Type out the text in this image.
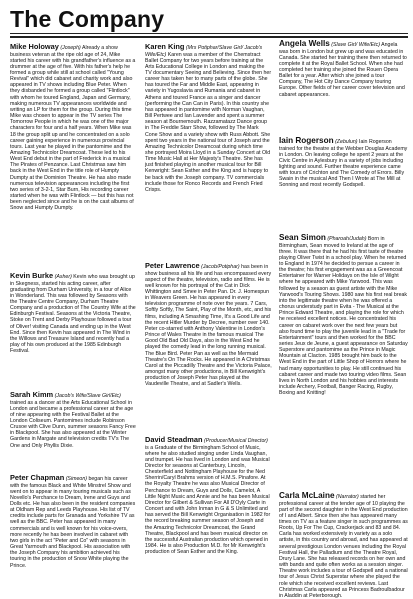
The Company

Mike Holoway (Joseph) Already a show business veteran at the ripe old age of 24, Mike started his career with his grandfather's influence as a drummer at the age of five. With his father's help he formed a group while still at school called "Young Revival" which did cabaret and charity work and also appeared in TV shows including Blue Peter. When they disbanded he formed a group called "Flintlock" with whom he toured England, Japan and Germany, making numerous TV appearances worldwide and writing an LP for them for the group. During this time Mike was chosen to appear in the TV series The Tomorrow People in which he was one of the major characters for four and a half years. When Mike was 18 the group split up and he concentrated on a solo career gaining experience in numerous provincial tours. Last year he played in the pantomime and the Amazing Technicolor Dreamcoat. These led to his West End debut in the part of Frederick in a musical The Pirates of Penzance. Last Christmas saw him back in the West End in the title role of Humpty Dumpty at the Dominion Theatre. He has also made numerous television appearances including the first two series of 3-2-1, Star Burn, His recording career started when he was with Flintlock — but this has not been neglected since and he is on the cast albums of Snow and Humpty Dumpty.

Karen King (Mrs Potiphar/Slave Girl/ Jacob's Wife/Etc) Karen was a member of the Chemstract Ballet Company for two years before training at the Arts Educational College in London and making the TV documentary Seeing and Believing. Since then her career has taken her to many parts of the globe. She has toured the Far and Middle East, appearing in variety in Yugoslavia and Rumania and cabaret in Athens and toured France as a singer and dancer (performing the Can Can in Paris). In this country she has appeared in pantomime with Norman Vaughan, Bill Pertwee and Ian Lavender and spent a summer season at Bournemouth. Razzamatazz Dance group in The Freddie Starr Show, followed by The Mark Cone Show and a variety show with Russ Abbott. She spent two years in the national tour of Joseph and the Amazing Technicolor Dreamcoat during which time she portrayed Moira Lloyd in a Sunday Concert at Old Time Music Hall at Her Majesty's Theatre. She has just finished playing in another musical tour for Bill Kenwright: Sean Esther and the King and is happy to be back with the Joseph company. TV commercials include those for Ronco Records and French Fried Crisps.

Angela Wells (Slave Girl/ Wife/Etc) Angela was born in London but grew up and was educated in Canada. She started her training there then returned to complete it at the Royal Ballet School. When she had completed her training she joined the Rouen Opera Ballet for a year. After which she joined a tour Company, The Hot City Dance Company touring Europe. Other fields of her career cover television and cabaret appearances.

Iain Rogerson (Zebulun) Iain Rogerson trained for the theatre at the Webber Douglas Academy in London. On leaving college he spent 2 years at the Civic Centre in Aylesbury in a variety of jobs including lighting and sound. Further theatre experience came with tours of Crichton and The Comedy of Errors. Billy Swain in the musical And Then I Wrote at The Mill at Sonning and most recently Godspell.

Kevin Burke (Asher) Kevin who was brought up in Skegness, started his acting career, after graduating from Durham University, in a tour of Alice in Wonderland. This was followed by Seasons with the Theatre Centre Company, Durham Theatre Company and a production of The Country Wife at the Edinburgh Festival. Seasons at the Victoria Theatre, Stoke on Trent and Derby Playhouse followed a tour of Oliver! visiting Canada and ending up in the West End. Since then Kevin has appeared in The Wind in the Willows and Treasure Island and recently had a play of his own produced at the 1985 Edinburgh Festival.

Sarah Kimm (Jacob's Wife/Slave Girl/Etc) trained as a dancer at the Arts Educational School in London and became a professional career at the age of nine appearing with the Festival Ballet at the London Coliseum. Pantomimes include Robinson Crusoe with Clive Dunn, summer seasons Fancy Free in Blackpool. She has also appeared at the Winter Gardens in Margate and television credits TV's The One and Only Phyllis Dixie.

Peter Chapman (Simeon) began his career with the famous Black and White Minstrel Show and went on to appear in many touring musicals such as Novello's Perchance to Dream, Irene and Guys and Dolls etc. He has also been in the resident companies at Oldham Rep and Leeds Playhouse. His list of TV credits include parts for Granada and Yorkshire TV as well as the BBC. Peter has appeared in many commercials and is well known for his voice-overs, more recently he has been involved in cabaret with two girls in the act "Peter and Co" with seasons in Great Yarmouth and Blackpool. His association with the Joseph Company his ambition achieved his touring in the production of Snow White playing the Prince.

Peter Lawrence (Jacob/Potiphar) has been in show business all his life and has encompassed every aspect of the theatre, television, radio and films. He is well known for his portrayal of the Cat in Dick Whittington and Smee in Peter Pan. Dr. J. Homespun in Weavers Green. He has appeared in every television programme of note over the years. 7 Cars, Softly Softly, The Saint, Play of the Month, etc, and his films, including A Smashing Time, It's a Good Life and the recent Hitler Murder by Decree, number over 140. Peter co-starred with Anthony Valentine in London's Prince of Wales Theatre in the famous musical The Good Old Bad Old Days, also in the West End he played the comedy lead in the long running musical. The Blue Bird. Peter Pan as well as the Mermaid Theatre's On The Rocks. He appeared in A Christmas Carol at the Piccadilly Theatre and the Victoria Palace, amongst many other productions, in Bill Kenwright's production of Joseph Peter has played at the Vaudeville Theatre, and at Sadler's Wells.

Sean Simon (Pharoah/Judah) Born in Birmingham, Sean moved to Ireland at the age of three. It was there that he had his first taste of theatre playing Oliver Twist in a school play. When he returned to England in 1974 he decided to persue a career in the theatre; his first engagement was as a Greencoat Entertainer for Warner Holidays on the Isle of Wight where he appeared with Mike Yarwood. This was followed by a season as guest artiste with the Mike Yarwood's Touring Shows. 1980 saw his first real break into the legitimate theatre when he was offered a chorus understudy part in Evita - The Musical at the Prince Edward Theatre, and playing the role for which he received excellent notices. He concentrated his career on cabaret work over the next few years but also found time to play the juvenile lead in a "Trade for Entertainment" tours and then worked for the BBC series Jeux de Jeune, a guest appearance on Saturday Superstore and pantomime as the Prince in Magic Mountain at Clacton. 1985 brought him back to the West End in the part of Little Shop of Horrors where he had many opportunities to play. He still continued his cabaret career and made two touring video films. Sean lives in North London and his hobbies and interests include Archery, Football, Banger Racing, Rugby, Boxing and Knitting!

David Steadman (Producer/Musical Director) is a Graduate of the Birmingham School of Music, where he also studied singing under Linda Vaughan, and trumpet. He has lived in London and was Musical Director for seasons at Canterbury, Lincoln, Chesterfield and Nottingham Playhouse for the Ned Sherrin/Caryl Brahms version of H.M.S. Pinafore. At the Royalty Theatre he was also Musical Director of Perchance to Dream, Guys and Dolls, Camelot, A Little Night Music and Annie and he has been Musical Director for Gilbert & Sullivan For All D'Oyly Carte in Concert and with John Inman in G & S Unlimited and has served the Bill Kenwright Organisation in 1982 for the record breaking summer season of Joseph and the Amazing Technicolor Dreamcoat, the Grand Theatre, Blackpool and has been musical director on the successful Australian production which opened in 1984. He is also Production M.D. for Mr Kenwright's production of Sean Esther and the King.

Carla McLaine (Narrator) started her professional career at the tender age of 10 playing the part of the second daughter in the West End production of I and Albert. Since then she has appeared many times on TV as a feature singer in such programmes as Roots, Up For The Cup, Crackerjack and 83 and 84. Carla has worked extensively in variety as a solo artiste, in this country and abroad, and has appeared at several prestigious London venues including the Royal Festival Hall, the Palladium and the Theatre Royal, Drury Lane. She has released records on her own and with bands and quite often works as a session singer. Theatre work includes a tour of Godspell and a national tour of Jesus Christ Superstar where she played the role which she received excellent reviews. Last Christmas Carla appeared as Princess Badroulbadour in Aladdin at Peterborough.
